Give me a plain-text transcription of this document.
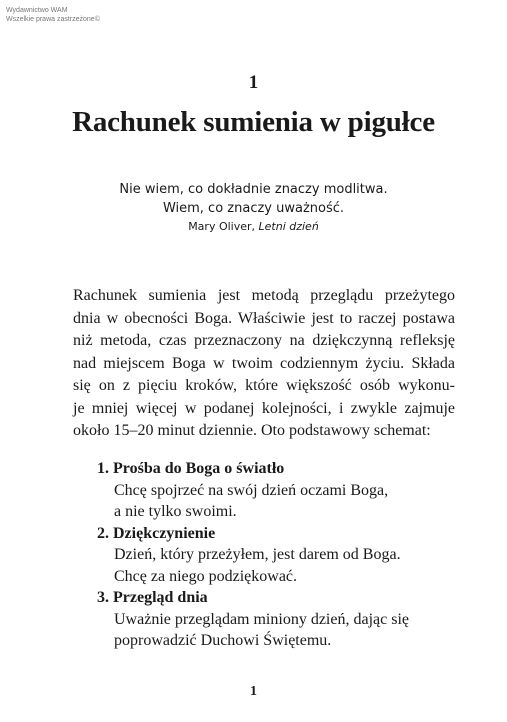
Wydawnictwo WAM
Wszelkie prawa zastrzeżone©
1
Rachunek sumienia w pigułce
Nie wiem, co dokładnie znaczy modlitwa.
Wiem, co znaczy uważność.
Mary Oliver, Letni dzień
Rachunek sumienia jest metodą przeglądu przeżytego
dnia w obecności Boga. Właściwie jest to raczej postawa
niż metoda, czas przeznaczony na dziękczynną refleksję
nad miejscem Boga w twoim codziennym życiu. Składa
się on z pięciu kroków, które większość osób wykonu-
je mniej więcej w podanej kolejności, i zwykle zajmuje
około 15–20 minut dziennie. Oto podstawowy schemat:
1. Prośba do Boga o światło
Chcę spojrzeć na swój dzień oczami Boga,
a nie tylko swoimi.
2. Dziękczynienie
Dzień, który przeżyłem, jest darem od Boga.
Chcę za niego podziękować.
3. Przegląd dnia
Uważnie przeglądam miniony dzień, dając się
poprowadzić Duchowi Świętemu.
1
